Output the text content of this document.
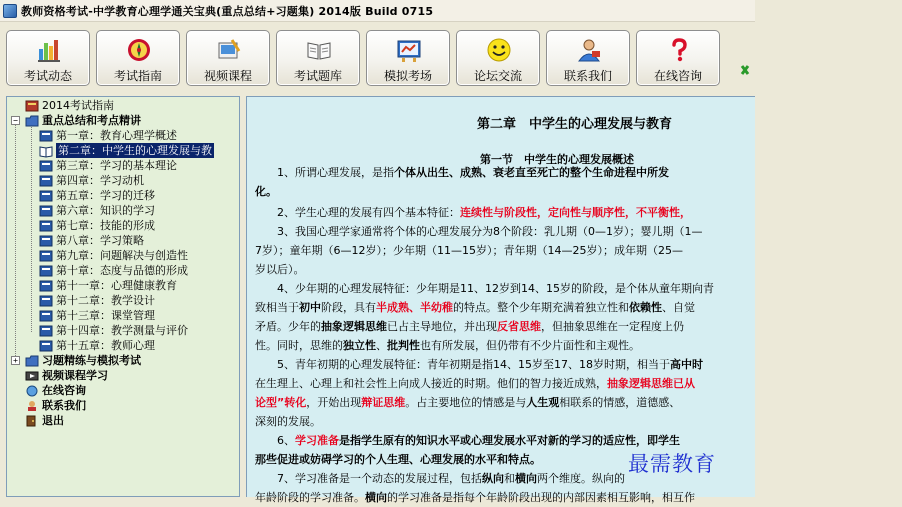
教师资格考试-中学教育心理学通关宝典(重点总结+习题集) 2014版 Build 0715
考试动态	考试指南	视频课程	考试题库	模拟考场	论坛交流	联系我们	在线咨询
2014考试指南
− 重点总结和考点精讲
第一章：教育心理学概述
第二章：中学生的心理发展与教
第三章：学习的基本理论
第四章：学习动机
第五章：学习的迁移
第六章：知识的学习
第七章：技能的形成
第八章：学习策略
第九章：问题解决与创造性
第十章：态度与品德的形成
第十一章：心理健康教育
第十二章：教学设计
第十三章：课堂管理
第十四章：教学测量与评价
第十五章：教师心理
+ 习题精练与模拟考试
视频课程学习
在线咨询
联系我们
退出
第二章　中学生的心理发展与教育
第一节　中学生的心理发展概述
1、所谓心理发展，是指个体从出生、成熟、衰老直至死亡的整个生命进程中所发
化。
2、学生心理的发展有四个基本特征：连续性与阶段性，定向性与顺序性，不平衡性，
3、我国心理学家通常将个体的心理发展分为8个阶段：乳儿期（0—1岁）；婴儿期（1—
7岁）；童年期（6—12岁）；少年期（11—15岁）；青年期（14—25岁）；成年期（25—
岁以后）。
4、少年期的心理发展特征：少年期是11、12岁到14、15岁的阶段，是个体从童年期向青
致相当于初中阶段，具有半成熟、半幼稚的特点。整个少年期充满着独立性和依赖性、自觉
矛盾。少年的抽象逻辑思维已占主导地位，并出现反省思维，但抽象思维在一定程度上仍
性。同时，思维的独立性、批判性也有所发展，但仍带有不少片面性和主观性。
5、青年初期的心理发展特征：青年初期是指14、15岁至17、18岁时期，相当于高中时
在生理上、心理上和社会性上向成人接近的时期。他们的智力接近成熟，抽象逻辑思维已从
论型”转化，开始出现辩证思维。占主要地位的情感是与人生观相联系的情感，道德感、
深刻的发展。
6、学习准备是指学生原有的知识水平或心理发展水平对新的学习的适应性，即学生
那些促进或妨碍学习的个人生理、心理发展的水平和特点。
7、学习准备是一个动态的发展过程，包括纵向和横向两个维度。纵向的
年龄阶段的学习准备。横向的学习准备是指每个年龄阶段出现的内部因素相互影响，相互作
最需教育
